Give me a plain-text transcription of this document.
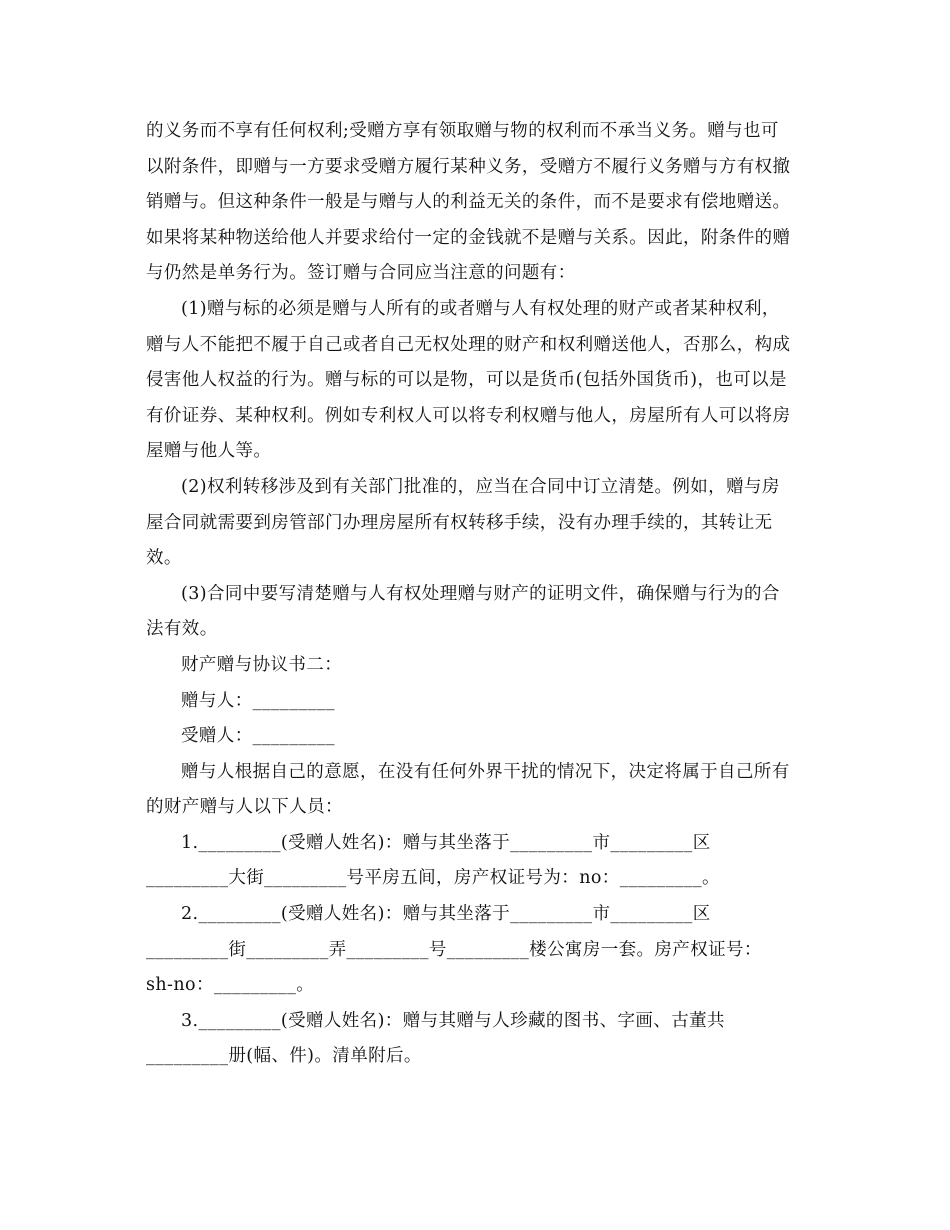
的义务而不享有任何权利;受赠方享有领取赠与物的权利而不承当义务。赠与也可以附条件，即赠与一方要求受赠方履行某种义务，受赠方不履行义务赠与方有权撤销赠与。但这种条件一般是与赠与人的利益无关的条件，而不是要求有偿地赠送。如果将某种物送给他人并要求给付一定的金钱就不是赠与关系。因此，附条件的赠与仍然是单务行为。签订赠与合同应当注意的问题有：

(1)赠与标的必须是赠与人所有的或者赠与人有权处理的财产或者某种权利，赠与人不能把不履于自己或者自己无权处理的财产和权利赠送他人，否那么，构成侵害他人权益的行为。赠与标的可以是物，可以是货币(包括外国货币)，也可以是有价证券、某种权利。例如专利权人可以将专利权赠与他人，房屋所有人可以将房屋赠与他人等。

(2)权利转移涉及到有关部门批准的，应当在合同中订立清楚。例如，赠与房屋合同就需要到房管部门办理房屋所有权转移手续，没有办理手续的，其转让无效。

(3)合同中要写清楚赠与人有权处理赠与财产的证明文件，确保赠与行为的合法有效。

财产赠与协议书二：

赠与人：_________

受赠人：_________

赠与人根据自己的意愿，在没有任何外界干扰的情况下，决定将属于自己所有的财产赠与人以下人员：

1._________(受赠人姓名)：赠与其坐落于_________市_________区
_________大街_________号平房五间，房产权证号为：no：_________。

2._________(受赠人姓名)：赠与其坐落于_________市_________区
_________街_________弄_________号_________楼公寓房一套。房产权证号：
sh-no：_________。

3._________(受赠人姓名)：赠与其赠与人珍藏的图书、字画、古董共
_________册(幅、件)。清单附后。
